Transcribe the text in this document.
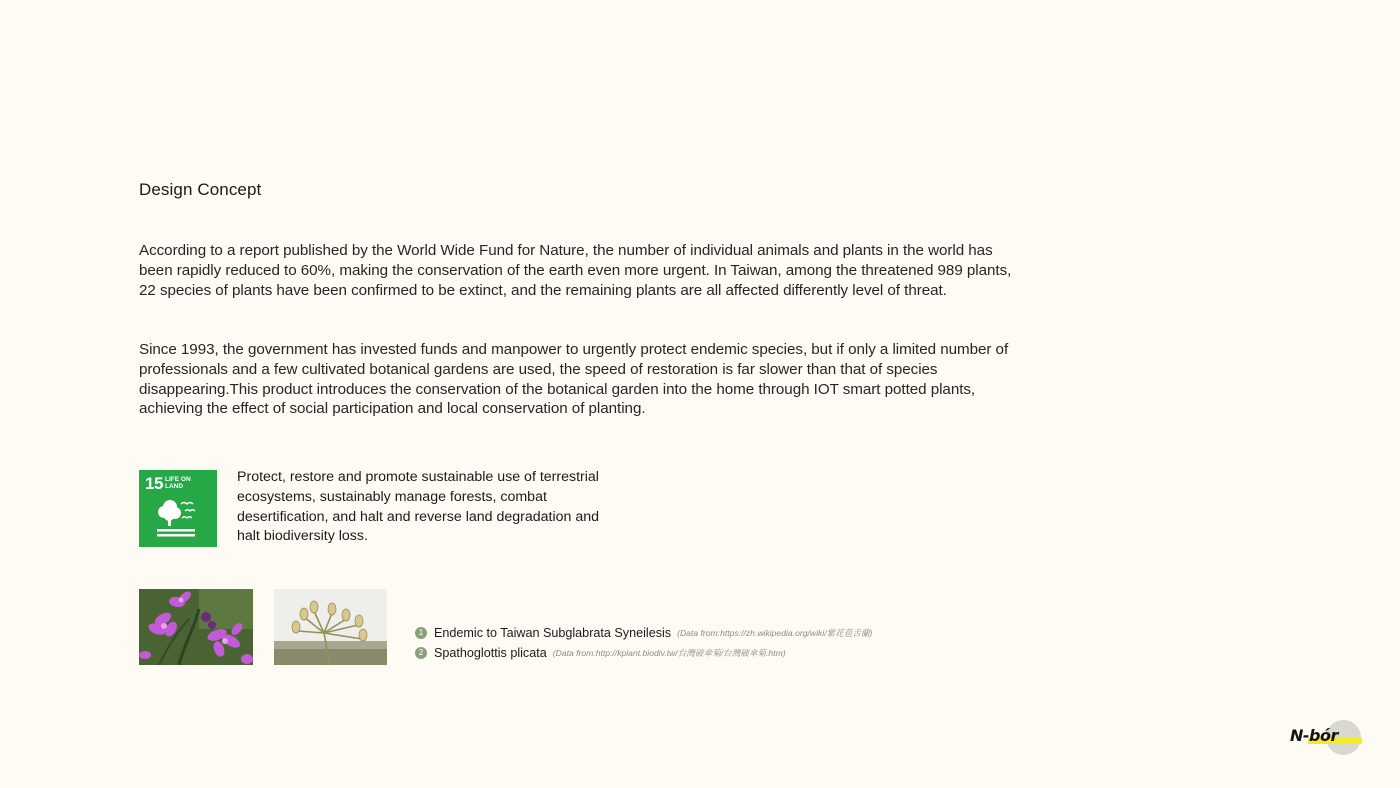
Design Concept

According to a report published by the World Wide Fund for Nature, the number of individual animals and plants in the world has been rapidly reduced to 60%, making the conservation of the earth even more urgent. In Taiwan, among the threatened 989 plants, 22 species of plants have been confirmed to be extinct, and the remaining plants are all affected differently level of threat.

Since 1993, the government has invested funds and manpower to urgently protect endemic species, but if only a limited number of professionals and a few cultivated botanical gardens are used, the speed of restoration is far slower than that of species disappearing.This product introduces the conservation of the botanical garden into the home through IOT smart potted plants, achieving the effect of social participation and local conservation of planting.

15 LIFE ON LAND

Protect, restore and promote sustainable use of terrestrial ecosystems, sustainably manage forests, combat desertification, and halt and reverse land degradation and halt biodiversity loss.

1 Endemic to Taiwan Subglabrata Syneilesis (Data from:https://zh.wikipedia.org/wiki/紫花苞舌蘭)
2 Spathoglottis plicata (Data from:http://kplant.biodiv.tw/台灣破傘菊/台灣破傘菊.htm)
N-bór
